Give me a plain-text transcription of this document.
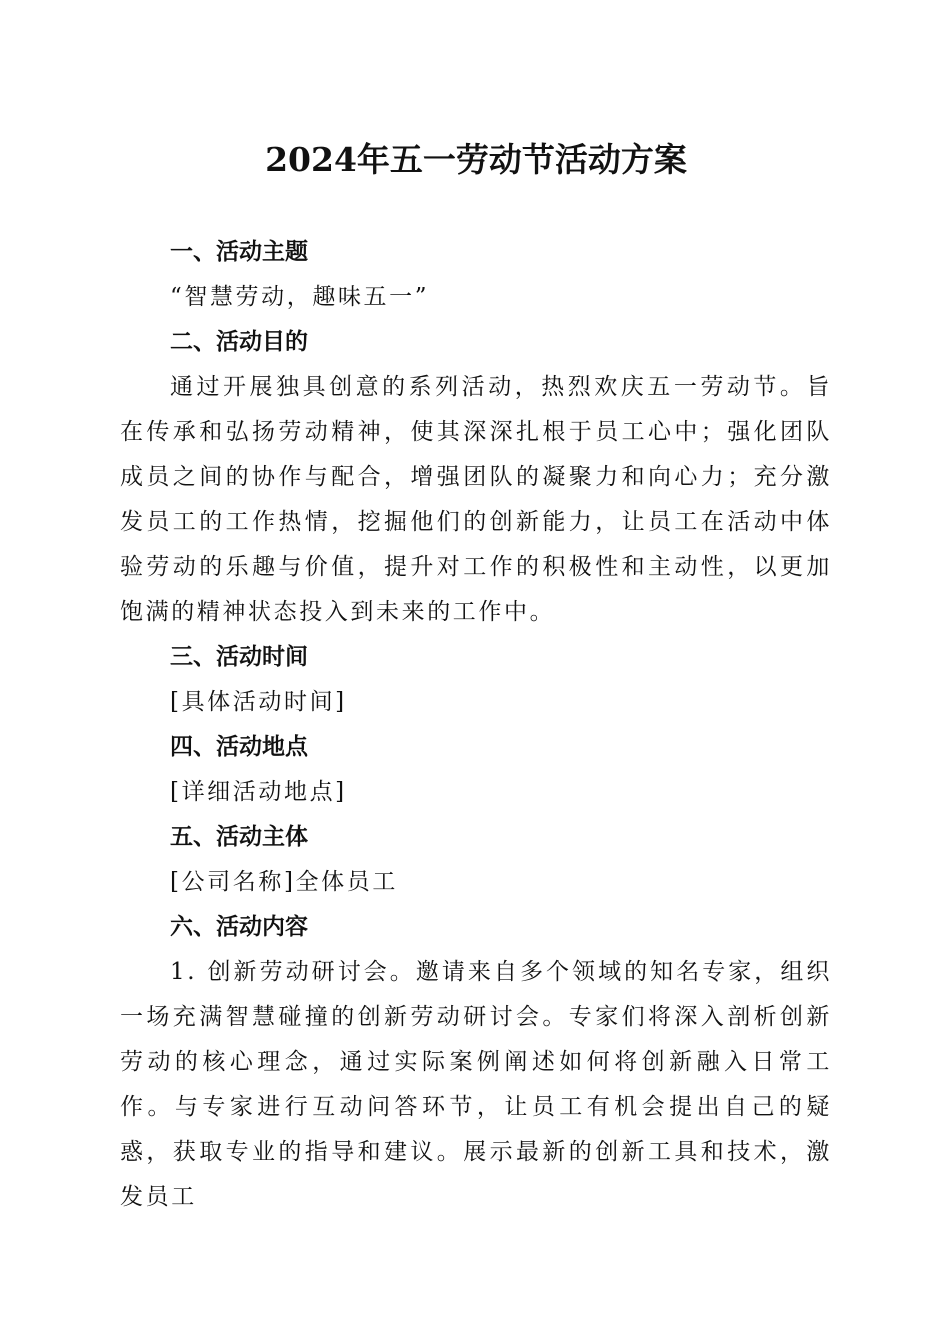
2024年五一劳动节活动方案
一、活动主题

“智慧劳动，趣味五一”

二、活动目的

通过开展独具创意的系列活动，热烈欢庆五一劳动节。旨在传承和弘扬劳动精神，使其深深扎根于员工心中；强化团队成员之间的协作与配合，增强团队的凝聚力和向心力；充分激发员工的工作热情，挖掘他们的创新能力，让员工在活动中体验劳动的乐趣与价值，提升对工作的积极性和主动性，以更加饱满的精神状态投入到未来的工作中。

三、活动时间

[具体活动时间]

四、活动地点

[详细活动地点]

五、活动主体

[公司名称]全体员工

六、活动内容

1. 创新劳动研讨会。邀请来自多个领域的知名专家，组织一场充满智慧碰撞的创新劳动研讨会。专家们将深入剖析创新劳动的核心理念，通过实际案例阐述如何将创新融入日常工作。与专家进行互动问答环节，让员工有机会提出自己的疑惑，获取专业的指导和建议。展示最新的创新工具和技术，激发员工
